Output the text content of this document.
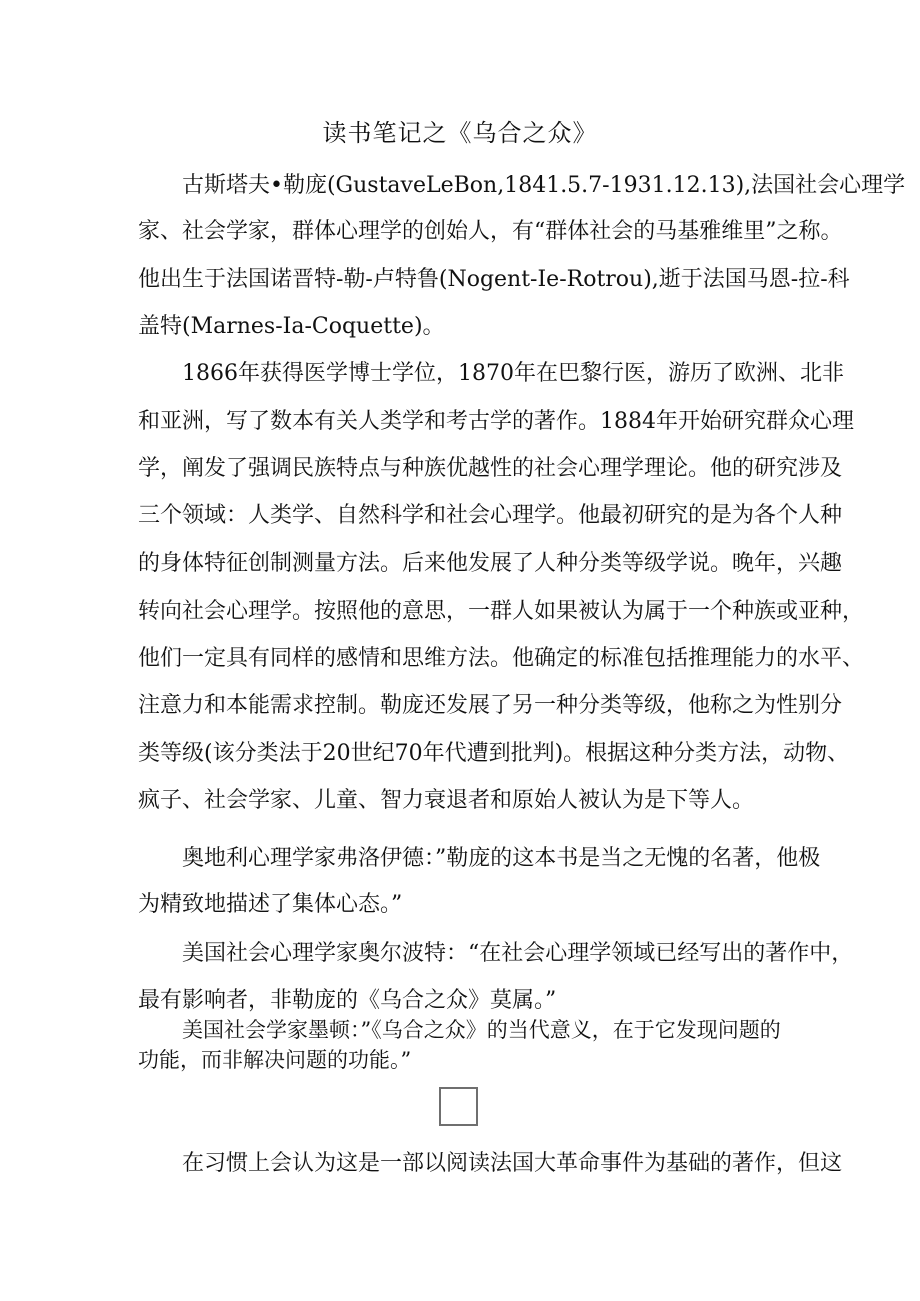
读书笔记之《乌合之众》
古斯塔夫•勒庞(GustaveLeBon,1841.5.7-1931.12.13),法国社会心理学
家、社会学家，群体心理学的创始人，有“群体社会的马基雅维里”之称。
他出生于法国诺晋特-勒-卢特鲁(Nogent-Ie-Rotrou),逝于法国马恩-拉-科
盖特(Marnes-Ia-Coquette)。
1866年获得医学博士学位，1870年在巴黎行医，游历了欧洲、北非
和亚洲，写了数本有关人类学和考古学的著作。1884年开始研究群众心理
学，阐发了强调民族特点与种族优越性的社会心理学理论。他的研究涉及
三个领域：人类学、自然科学和社会心理学。他最初研究的是为各个人种
的身体特征创制测量方法。后来他发展了人种分类等级学说。晚年，兴趣
转向社会心理学。按照他的意思，一群人如果被认为属于一个种族或亚种，
他们一定具有同样的感情和思维方法。他确定的标准包括推理能力的水平、
注意力和本能需求控制。勒庞还发展了另一种分类等级，他称之为性别分
类等级(该分类法于20世纪70年代遭到批判)。根据这种分类方法，动物、
疯子、社会学家、儿童、智力衰退者和原始人被认为是下等人。
奥地利心理学家弗洛伊德：”勒庞的这本书是当之无愧的名著，他极
为精致地描述了集体心态。”
美国社会心理学家奥尔波特：“在社会心理学领域已经写出的著作中，
最有影响者，非勒庞的《乌合之众》莫属。”
美国社会学家墨顿：”《乌合之众》的当代意义，在于它发现问题的
功能，而非解决问题的功能。”
在习惯上会认为这是一部以阅读法国大革命事件为基础的著作，但这
